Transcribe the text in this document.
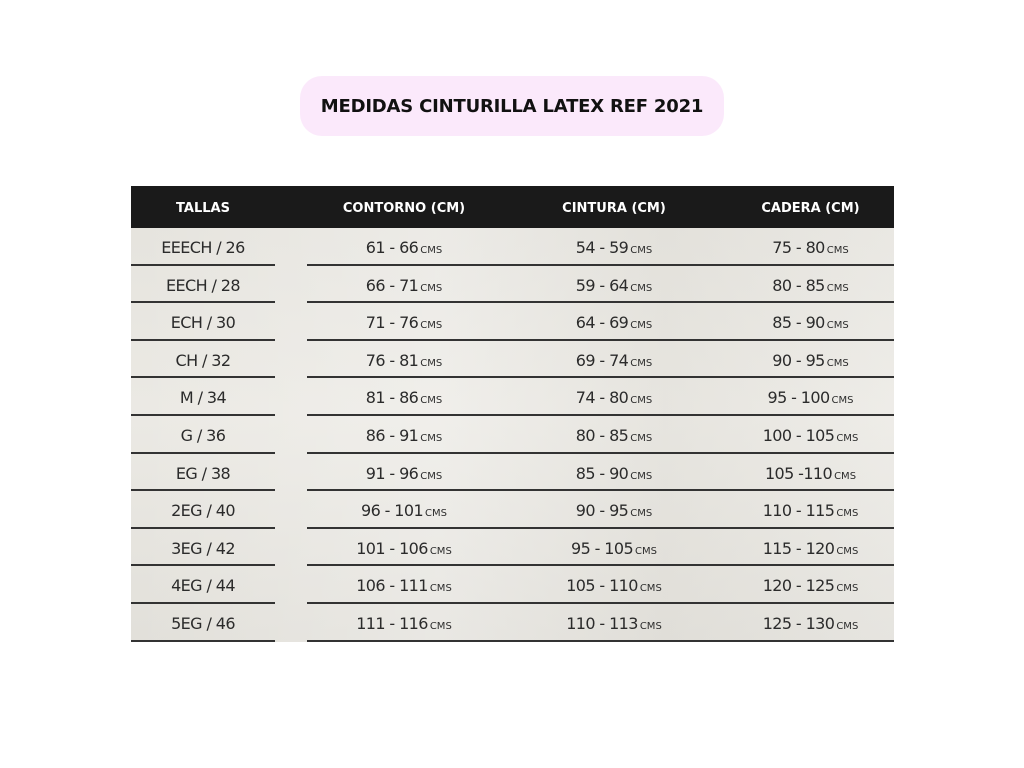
MEDIDAS CINTURILLA LATEX REF 2021
TALLAS	CONTORNO (CM)	CINTURA (CM)	CADERA (CM)
EEECH / 26	61 - 66 CMS	54 - 59 CMS	75 - 80 CMS
EECH / 28	66 - 71 CMS	59 - 64 CMS	80 - 85 CMS
ECH / 30	71 - 76 CMS	64 - 69 CMS	85 - 90 CMS
CH / 32	76 - 81 CMS	69 - 74 CMS	90 - 95 CMS
M / 34	81 - 86 CMS	74 - 80 CMS	95 - 100 CMS
G / 36	86 - 91 CMS	80 - 85 CMS	100 - 105 CMS
EG / 38	91 - 96 CMS	85 - 90 CMS	105 -110 CMS
2EG / 40	96 - 101 CMS	90 - 95 CMS	110 - 115 CMS
3EG / 42	101 - 106 CMS	95 - 105 CMS	115 - 120 CMS
4EG / 44	106 - 111 CMS	105 - 110 CMS	120 - 125 CMS
5EG / 46	111 - 116 CMS	110 - 113 CMS	125 - 130 CMS
